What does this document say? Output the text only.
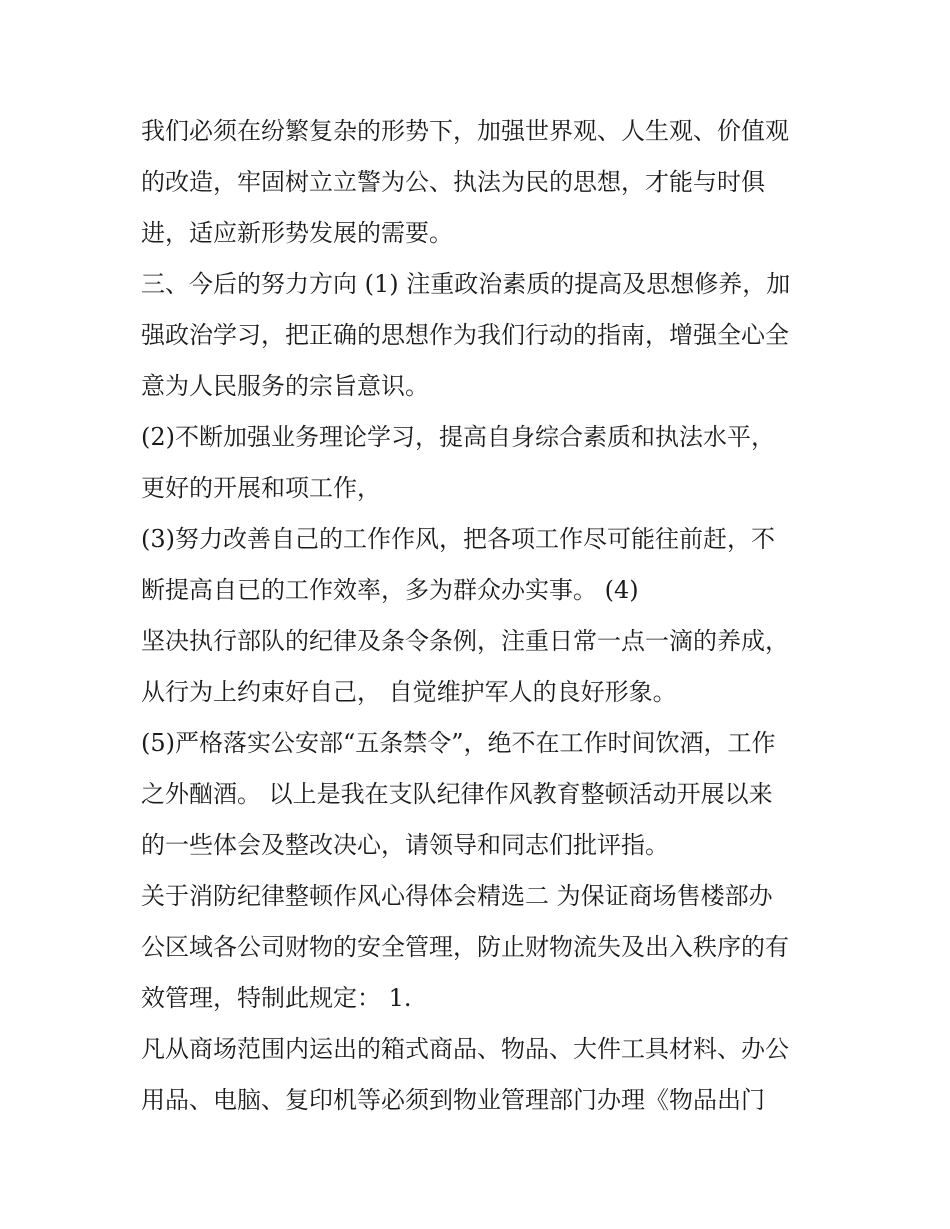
我们必须在纷繁复杂的形势下，加强世界观、人生观、价值观
的改造，牢固树立立警为公、执法为民的思想，才能与时俱
进，适应新形势发展的需要。
三、今后的努力方向 (1) 注重政治素质的提高及思想修养，加
强政治学习，把正确的思想作为我们行动的指南，增强全心全
意为人民服务的宗旨意识。
(2)不断加强业务理论学习，提高自身综合素质和执法水平，
更好的开展和项工作，
(3)努力改善自己的工作作风，把各项工作尽可能往前赶，不
断提高自已的工作效率，多为群众办实事。 (4)
坚决执行部队的纪律及条令条例，注重日常一点一滴的养成，
从行为上约束好自己， 自觉维护军人的良好形象。
(5)严格落实公安部“五条禁令”，绝不在工作时间饮酒，工作
之外酗酒。 以上是我在支队纪律作风教育整顿活动开展以来
的一些体会及整改决心，请领导和同志们批评指。
关于消防纪律整顿作风心得体会精选二 为保证商场售楼部办
公区域各公司财物的安全管理，防止财物流失及出入秩序的有
效管理，特制此规定： 1.
凡从商场范围内运出的箱式商品、物品、大件工具材料、办公
用品、电脑、复印机等必须到物业管理部门办理《物品出门
